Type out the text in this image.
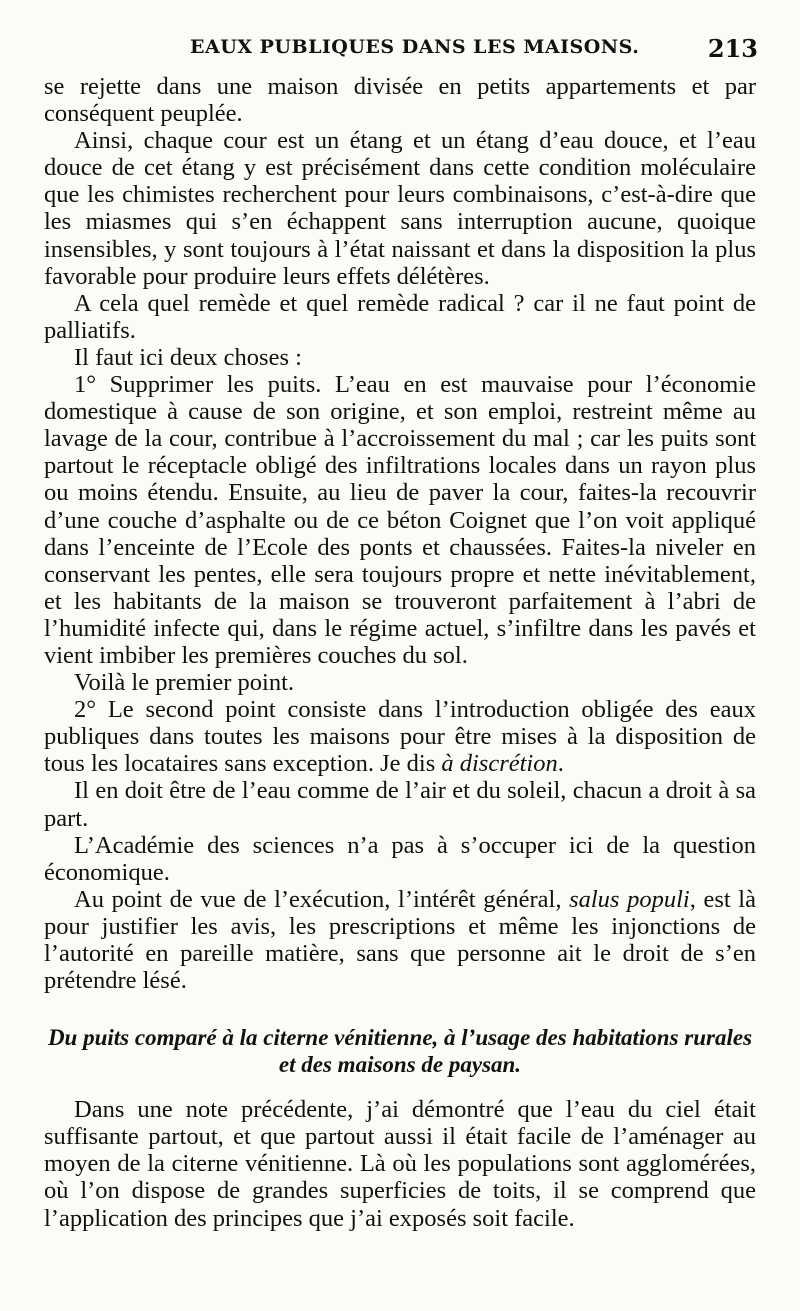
EAUX PUBLIQUES DANS LES MAISONS.	213

se rejette dans une maison divisée en petits appartements et par conséquent peuplée.

Ainsi, chaque cour est un étang et un étang d’eau douce, et l’eau douce de cet étang y est précisément dans cette condition moléculaire que les chimistes recherchent pour leurs combinaisons, c’est-à-dire que les miasmes qui s’en échappent sans interruption aucune, quoique insensibles, y sont toujours à l’état naissant et dans la disposition la plus favorable pour produire leurs effets délétères.

A cela quel remède et quel remède radical ? car il ne faut point de palliatifs.

Il faut ici deux choses :

1° Supprimer les puits. L’eau en est mauvaise pour l’économie domestique à cause de son origine, et son emploi, restreint même au lavage de la cour, contribue à l’accroissement du mal ; car les puits sont partout le réceptacle obligé des infiltrations locales dans un rayon plus ou moins étendu. Ensuite, au lieu de paver la cour, faites-la recouvrir d’une couche d’asphalte ou de ce béton Coignet que l’on voit appliqué dans l’enceinte de l’Ecole des ponts et chaussées. Faites-la niveler en conservant les pentes, elle sera toujours propre et nette inévitablement, et les habitants de la maison se trouveront parfaitement à l’abri de l’humidité infecte qui, dans le régime actuel, s’infiltre dans les pavés et vient imbiber les premières couches du sol.

Voilà le premier point.

2° Le second point consiste dans l’introduction obligée des eaux publiques dans toutes les maisons pour être mises à la disposition de tous les locataires sans exception. Je dis à discrétion.

Il en doit être de l’eau comme de l’air et du soleil, chacun a droit à sa part.

L’Académie des sciences n’a pas à s’occuper ici de la question économique.

Au point de vue de l’exécution, l’intérêt général, salus populi, est là pour justifier les avis, les prescriptions et même les injonctions de l’autorité en pareille matière, sans que personne ait le droit de s’en prétendre lésé.

Du puits comparé à la citerne vénitienne, à l’usage des habitations rurales et des maisons de paysan.

Dans une note précédente, j’ai démontré que l’eau du ciel était suffisante partout, et que partout aussi il était facile de l’aménager au moyen de la citerne vénitienne. Là où les populations sont agglomérées, où l’on dispose de grandes superficies de toits, il se comprend que l’application des principes que j’ai exposés soit facile.
